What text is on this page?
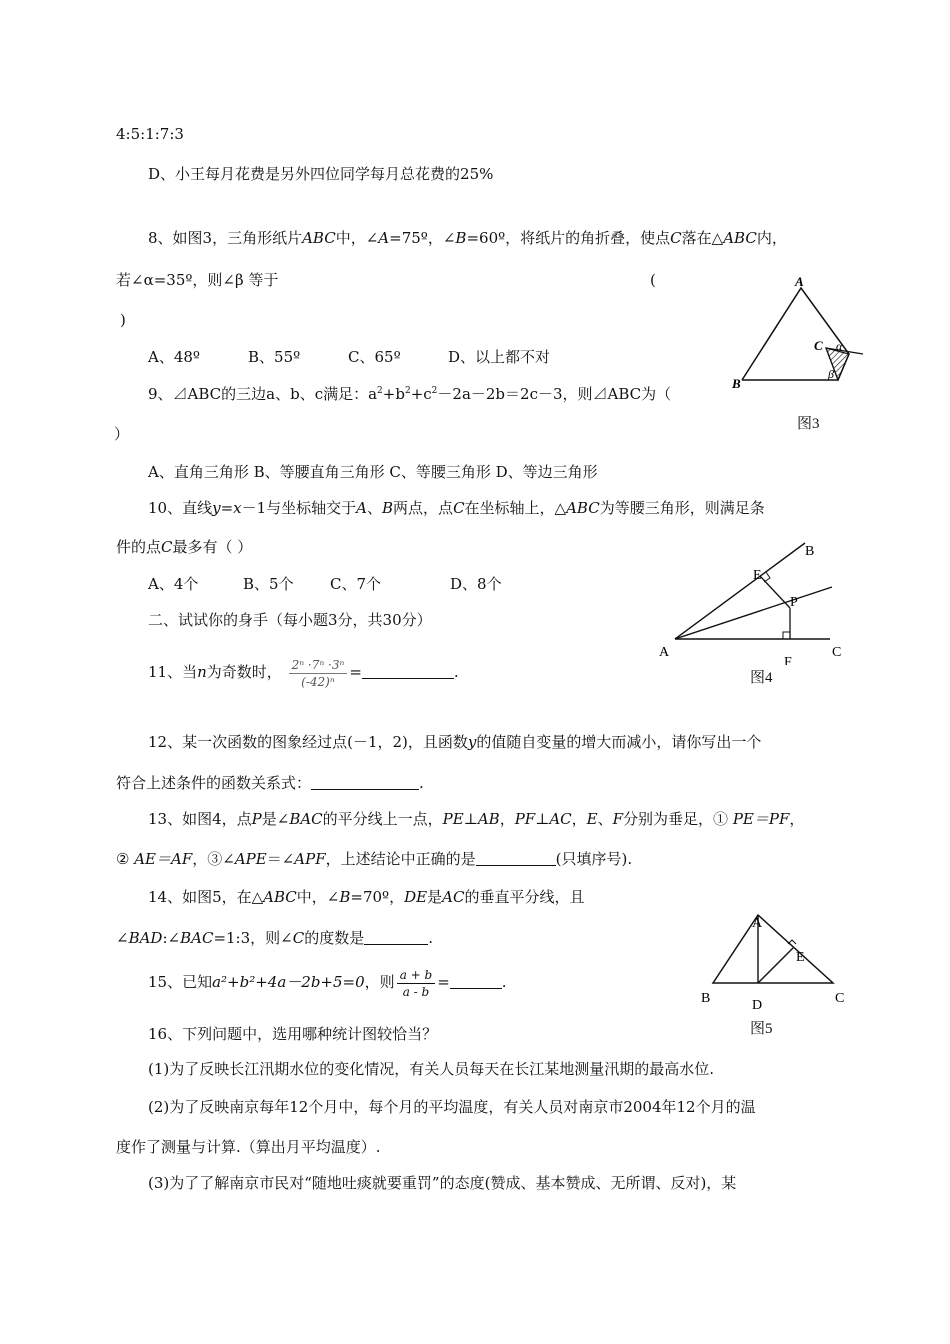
4:5:1:7:3
D、小王每月花费是另外四位同学每月总花费的25%
8、如图3，三角形纸片ABC中，∠A=75º，∠B=60º，将纸片的角折叠，使点C落在△ABC内，
若∠α=35º，则∠β 等于	(
)
A、48º	B、55º	C、65º	D、以上都不对
9、⊿ABC的三边a、b、c满足：$a^2+b^2+c^2-2a-2b=2c-3$，则⊿ABC为（
）
A、直角三角形 B、等腰直角三角形 C、等腰三角形 D、等边三角形
10、直线y=x－1与坐标轴交于A、B两点，点C在坐标轴上，△ABC为等腰三角形，则满足条
件的点C最多有（ ）
A、4个	B、5个 C、7个	D、8个
二、试试你的身手（每小题3分，共30分）
11、当n为奇数时， $\frac{\text{2ⁿ ·7ⁿ ·3ⁿ}}{\text{(-42)ⁿ}}$ =	.
12、某一次函数的图象经过点(－1，2)，且函数y的值随自变量的增大而减小，请你写出一个
符合上述条件的函数关系式：	.
13、如图4，点P是∠BAC的平分线上一点，PE⊥AB，PF⊥AC，E、F分别为垂足，① PE＝PF，
② AE＝AF，③∠APE＝∠APF，上述结论中正确的是	(只填序号).
14、如图5，在△ABC中，∠B=70º，DE是AC的垂直平分线，且
∠BAD:∠BAC=1:3，则∠C的度数是	.
15、已知a²+b²+4a－2b+5=0，则 $\frac{a + b}{a - b}$ =	.
16、下列问题中，选用哪种统计图较恰当？
(1)为了反映长江汛期水位的变化情况，有关人员每天在长江某地测量汛期的最高水位.
(2)为了反映南京每年12个月中，每个月的平均温度，有关人员对南京市2004年12个月的温
度作了测量与计算.（算出月平均温度）.
(3)为了了解南京市民对“随地吐痰就要重罚”的态度(赞成、基本赞成、无所谓、反对)，某
A
B
C α
β
图3
B
E
P
A
F
C
图4
A
E
B	D	C
图5
